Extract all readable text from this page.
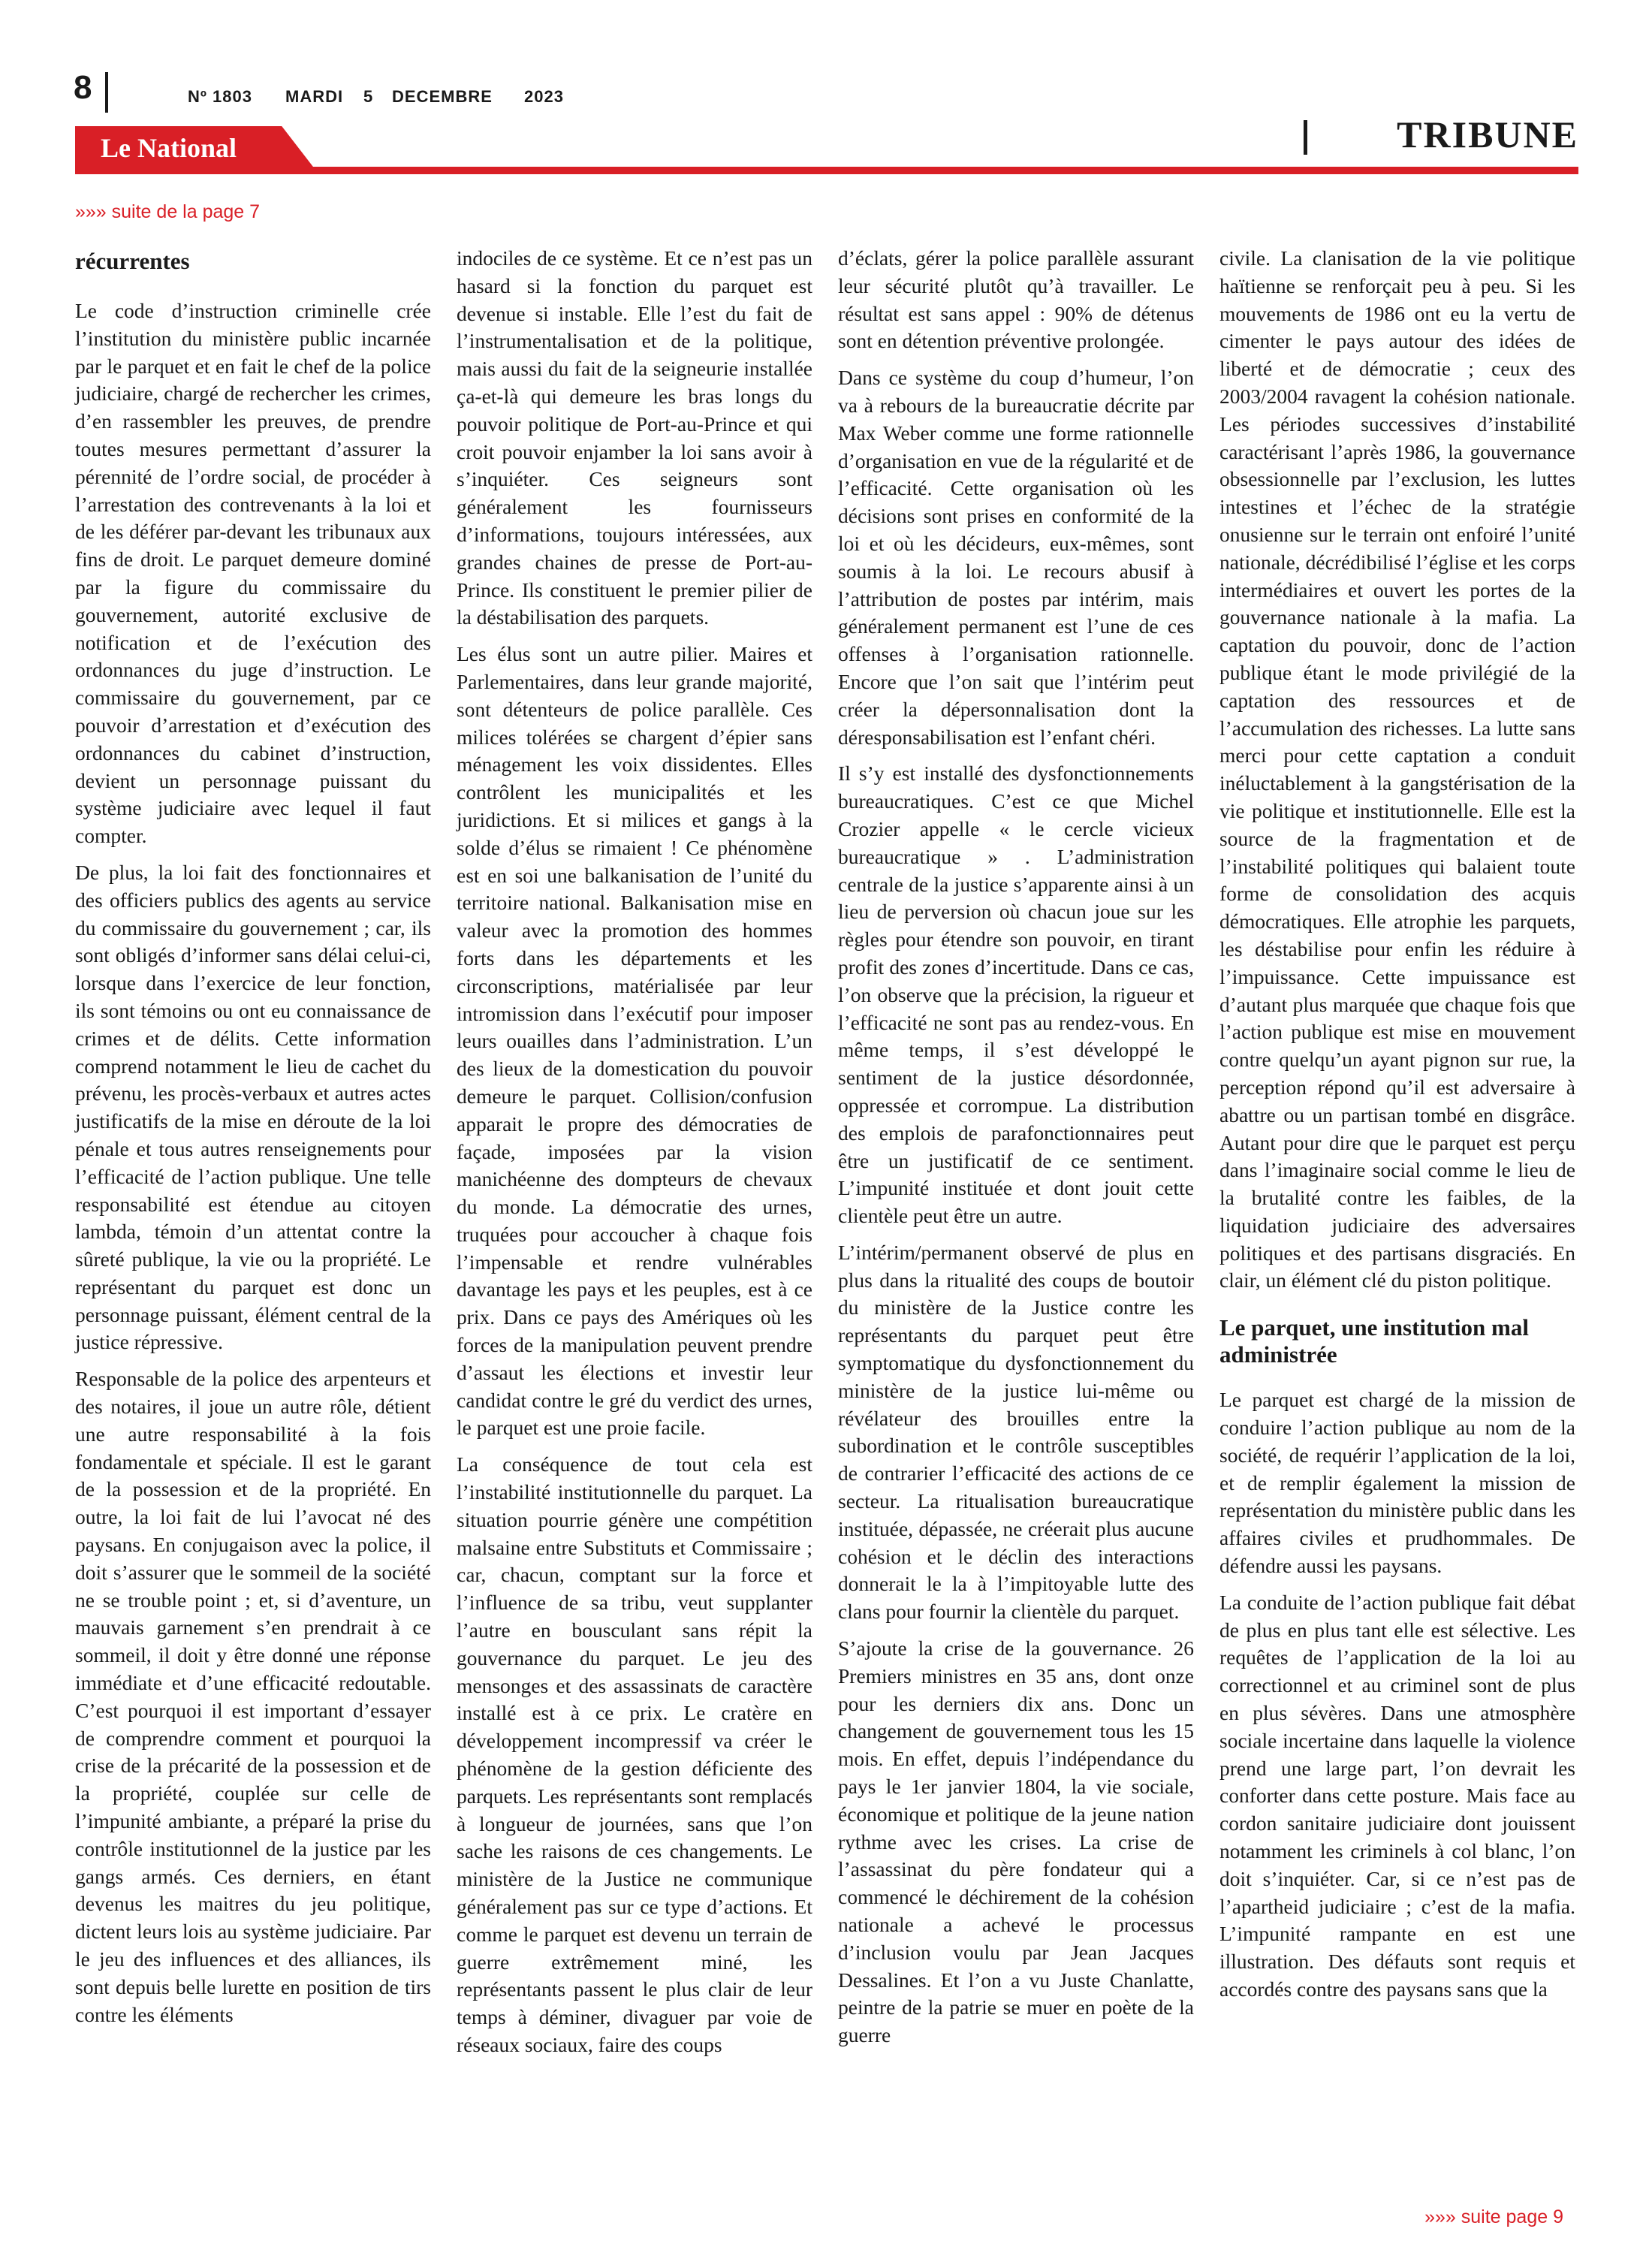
8	Nº 1803 MARDI 5 DECEMBRE 2023
Le National	TRIBUNE
»»» suite de la page 7
récurrentes

Le code d’instruction criminelle crée l’institution du ministère public incarnée par le parquet et en fait le chef de la police judiciaire, chargé de rechercher les crimes, d’en rassembler les preuves, de prendre toutes mesures permettant d’assurer la pérennité de l’ordre social, de procéder à l’arrestation des contrevenants à la loi et de les déférer par-devant les tribunaux aux fins de droit. Le parquet demeure dominé par la figure du commissaire du gouvernement, autorité exclusive de notification et de l’exécution des ordonnances du juge d’instruction. Le commissaire du gouvernement, par ce pouvoir d’arrestation et d’exécution des ordonnances du cabinet d’instruction, devient un personnage puissant du système judiciaire avec lequel il faut compter.

De plus, la loi fait des fonctionnaires et des officiers publics des agents au service du commissaire du gouvernement ; car, ils sont obligés d’informer sans délai celui-ci, lorsque dans l’exercice de leur fonction, ils sont témoins ou ont eu connaissance de crimes et de délits. Cette information comprend notamment le lieu de cachet du prévenu, les procès-verbaux et autres actes justificatifs de la mise en déroute de la loi pénale et tous autres renseignements pour l’efficacité de l’action publique. Une telle responsabilité est étendue au citoyen lambda, témoin d’un attentat contre la sûreté publique, la vie ou la propriété. Le représentant du parquet est donc un personnage puissant, élément central de la justice répressive.

Responsable de la police des arpenteurs et des notaires, il joue un autre rôle, détient une autre responsabilité à la fois fondamentale et spéciale. Il est le garant de la possession et de la propriété. En outre, la loi fait de lui l’avocat né des paysans. En conjugaison avec la police, il doit s’assurer que le sommeil de la société ne se trouble point ; et, si d’aventure, un mauvais garnement s’en prendrait à ce sommeil, il doit y être donné une réponse immédiate et d’une efficacité redoutable. C’est pourquoi il est important d’essayer de comprendre comment et pourquoi la crise de la précarité de la possession et de la propriété, couplée sur celle de l’impunité ambiante, a préparé la prise du contrôle institutionnel de la justice par les gangs armés. Ces derniers, en étant devenus les maitres du jeu politique, dictent leurs lois au système judiciaire. Par le jeu des influences et des alliances, ils sont depuis belle lurette en position de tirs contre les éléments

indociles de ce système. Et ce n’est pas un hasard si la fonction du parquet est devenue si instable. Elle l’est du fait de l’instrumentalisation et de la politique, mais aussi du fait de la seigneurie installée ça-et-là qui demeure les bras longs du pouvoir politique de Port-au-Prince et qui croit pouvoir enjamber la loi sans avoir à s’inquiéter. Ces seigneurs sont généralement les fournisseurs d’informations, toujours intéressées, aux grandes chaines de presse de Port-au-Prince. Ils constituent le premier pilier de la déstabilisation des parquets.

Les élus sont un autre pilier. Maires et Parlementaires, dans leur grande majorité, sont détenteurs de police parallèle. Ces milices tolérées se chargent d’épier sans ménagement les voix dissidentes. Elles contrôlent les municipalités et les juridictions. Et si milices et gangs à la solde d’élus se rimaient ! Ce phénomène est en soi une balkanisation de l’unité du territoire national. Balkanisation mise en valeur avec la promotion des hommes forts dans les départements et les circonscriptions, matérialisée par leur intromission dans l’exécutif pour imposer leurs ouailles dans l’administration. L’un des lieux de la domestication du pouvoir demeure le parquet. Collision/confusion apparait le propre des démocraties de façade, imposées par la vision manichéenne des dompteurs de chevaux du monde. La démocratie des urnes, truquées pour accoucher à chaque fois l’impensable et rendre vulnérables davantage les pays et les peuples, est à ce prix. Dans ce pays des Amériques où les forces de la manipulation peuvent prendre d’assaut les élections et investir leur candidat contre le gré du verdict des urnes, le parquet est une proie facile.

La conséquence de tout cela est l’instabilité institutionnelle du parquet. La situation pourrie génère une compétition malsaine entre Substituts et Commissaire ; car, chacun, comptant sur la force et l’influence de sa tribu, veut supplanter l’autre en bousculant sans répit la gouvernance du parquet. Le jeu des mensonges et des assassinats de caractère installé est à ce prix. Le cratère en développement incompressif va créer le phénomène de la gestion déficiente des parquets. Les représentants sont remplacés à longueur de journées, sans que l’on sache les raisons de ces changements. Le ministère de la Justice ne communique généralement pas sur ce type d’actions. Et comme le parquet est devenu un terrain de guerre extrêmement miné, les représentants passent le plus clair de leur temps à déminer, divaguer par voie de réseaux sociaux, faire des coups

d’éclats, gérer la police parallèle assurant leur sécurité plutôt qu’à travailler. Le résultat est sans appel : 90% de détenus sont en détention préventive prolongée.

Dans ce système du coup d’humeur, l’on va à rebours de la bureaucratie décrite par Max Weber comme une forme rationnelle d’organisation en vue de la régularité et de l’efficacité. Cette organisation où les décisions sont prises en conformité de la loi et où les décideurs, eux-mêmes, sont soumis à la loi. Le recours abusif à l’attribution de postes par intérim, mais généralement permanent est l’une de ces offenses à l’organisation rationnelle. Encore que l’on sait que l’intérim peut créer la dépersonnalisation dont la déresponsabilisation est l’enfant chéri.

Il s’y est installé des dysfonctionnements bureaucratiques. C’est ce que Michel Crozier appelle « le cercle vicieux bureaucratique » . L’administration centrale de la justice s’apparente ainsi à un lieu de perversion où chacun joue sur les règles pour étendre son pouvoir, en tirant profit des zones d’incertitude. Dans ce cas, l’on observe que la précision, la rigueur et l’efficacité ne sont pas au rendez-vous. En même temps, il s’est développé le sentiment de la justice désordonnée, oppressée et corrompue. La distribution des emplois de parafonctionnaires peut être un justificatif de ce sentiment. L’impunité instituée et dont jouit cette clientèle peut être un autre.

L’intérim/permanent observé de plus en plus dans la ritualité des coups de boutoir du ministère de la Justice contre les représentants du parquet peut être symptomatique du dysfonctionnement du ministère de la justice lui-même ou révélateur des brouilles entre la subordination et le contrôle susceptibles de contrarier l’efficacité des actions de ce secteur. La ritualisation bureaucratique instituée, dépassée, ne créerait plus aucune cohésion et le déclin des interactions donnerait le la à l’impitoyable lutte des clans pour fournir la clientèle du parquet.

S’ajoute la crise de la gouvernance. 26 Premiers ministres en 35 ans, dont onze pour les derniers dix ans. Donc un changement de gouvernement tous les 15 mois. En effet, depuis l’indépendance du pays le 1er janvier 1804, la vie sociale, économique et politique de la jeune nation rythme avec les crises. La crise de l’assassinat du père fondateur qui a commencé le déchirement de la cohésion nationale a achevé le processus d’inclusion voulu par Jean Jacques Dessalines. Et l’on a vu Juste Chanlatte, peintre de la patrie se muer en poète de la guerre

civile. La clanisation de la vie politique haïtienne se renforçait peu à peu. Si les mouvements de 1986 ont eu la vertu de cimenter le pays autour des idées de liberté et de démocratie ; ceux des 2003/2004 ravagent la cohésion nationale. Les périodes successives d’instabilité caractérisant l’après 1986, la gouvernance obsessionnelle par l’exclusion, les luttes intestines et l’échec de la stratégie onusienne sur le terrain ont enfoiré l’unité nationale, décrédibilisé l’église et les corps intermédiaires et ouvert les portes de la gouvernance nationale à la mafia. La captation du pouvoir, donc de l’action publique étant le mode privilégié de la captation des ressources et de l’accumulation des richesses. La lutte sans merci pour cette captation a conduit inéluctablement à la gangstérisation de la vie politique et institutionnelle. Elle est la source de la fragmentation et de l’instabilité politiques qui balaient toute forme de consolidation des acquis démocratiques. Elle atrophie les parquets, les déstabilise pour enfin les réduire à l’impuissance. Cette impuissance est d’autant plus marquée que chaque fois que l’action publique est mise en mouvement contre quelqu’un ayant pignon sur rue, la perception répond qu’il est adversaire à abattre ou un partisan tombé en disgrâce. Autant pour dire que le parquet est perçu dans l’imaginaire social comme le lieu de la brutalité contre les faibles, de la liquidation judiciaire des adversaires politiques et des partisans disgraciés. En clair, un élément clé du piston politique.

Le parquet, une institution mal administrée

Le parquet est chargé de la mission de conduire l’action publique au nom de la société, de requérir l’application de la loi, et de remplir également la mission de représentation du ministère public dans les affaires civiles et prudhommales. De défendre aussi les paysans.

La conduite de l’action publique fait débat de plus en plus tant elle est sélective. Les requêtes de l’application de la loi au correctionnel et au criminel sont de plus en plus sévères. Dans une atmosphère sociale incertaine dans laquelle la violence prend une large part, l’on devrait les conforter dans cette posture. Mais face au cordon sanitaire judiciaire dont jouissent notamment les criminels à col blanc, l’on doit s’inquiéter. Car, si ce n’est pas de l’apartheid judiciaire ; c’est de la mafia. L’impunité rampante en est une illustration. Des défauts sont requis et accordés contre des paysans sans que la

»»» suite page 9
